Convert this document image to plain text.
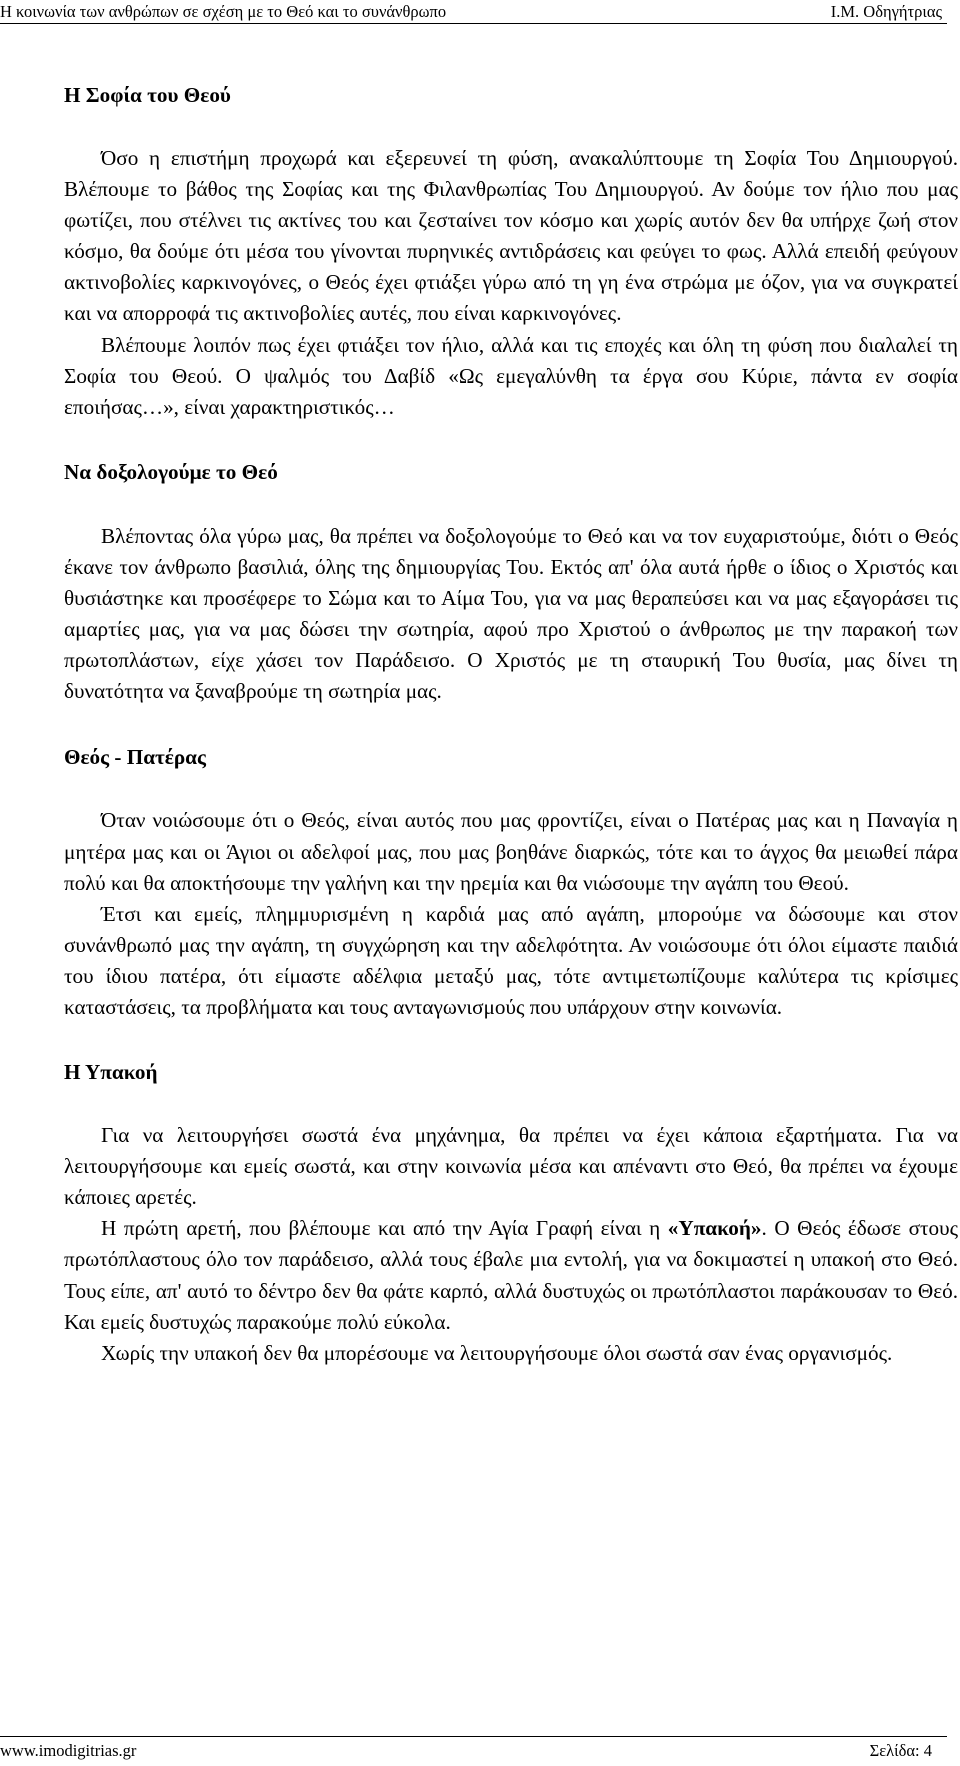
Η κοινωνία των ανθρώπων σε σχέση με το Θεό και το συνάνθρωπο	Ι.Μ. Οδηγήτριας
Η Σοφία του Θεού

Όσο η επιστήμη προχωρά και εξερευνεί τη φύση, ανακαλύπτουμε τη Σοφία Του Δημιουργού. Βλέπουμε το βάθος της Σοφίας και της Φιλανθρωπίας Του Δημιουργού. Αν δούμε τον ήλιο που μας φωτίζει, που στέλνει τις ακτίνες του και ζεσταίνει τον κόσμο και χωρίς αυτόν δεν θα υπήρχε ζωή στον κόσμο, θα δούμε ότι μέσα του γίνονται πυρηνικές αντιδράσεις και φεύγει το φως. Αλλά επειδή φεύγουν ακτινοβολίες καρκινογόνες, ο Θεός έχει φτιάξει γύρω από τη γη ένα στρώμα με όζον, για να συγκρατεί και να απορροφά τις ακτινοβολίες αυτές, που είναι καρκινογόνες.

Βλέπουμε λοιπόν πως έχει φτιάξει τον ήλιο, αλλά και τις εποχές και όλη τη φύση που διαλαλεί τη Σοφία του Θεού. Ο ψαλμός του Δαβίδ «Ως εμεγαλύνθη τα έργα σου Κύριε, πάντα εν σοφία εποιήσας…», είναι χαρακτηριστικός…

Να δοξολογούμε το Θεό

Βλέποντας όλα γύρω μας, θα πρέπει να δοξολογούμε το Θεό και να τον ευχαριστούμε, διότι ο Θεός έκανε τον άνθρωπο βασιλιά, όλης της δημιουργίας Του. Εκτός απ' όλα αυτά ήρθε ο ίδιος ο Χριστός και θυσιάστηκε και προσέφερε το Σώμα και το Αίμα Του, για να μας θεραπεύσει και να μας εξαγοράσει τις αμαρτίες μας, για να μας δώσει την σωτηρία, αφού προ Χριστού ο άνθρωπος με την παρακοή των πρωτοπλάστων, είχε χάσει τον Παράδεισο. Ο Χριστός με τη σταυρική Του θυσία, μας δίνει τη δυνατότητα να ξαναβρούμε τη σωτηρία μας.

Θεός - Πατέρας

Όταν νοιώσουμε ότι ο Θεός, είναι αυτός που μας φροντίζει, είναι ο Πατέρας μας και η Παναγία η μητέρα μας και οι Άγιοι οι αδελφοί μας, που μας βοηθάνε διαρκώς, τότε και το άγχος θα μειωθεί πάρα πολύ και θα αποκτήσουμε την γαλήνη και την ηρεμία και θα νιώσουμε την αγάπη του Θεού.

Έτσι και εμείς, πλημμυρισμένη η καρδιά μας από αγάπη, μπορούμε να δώσουμε και στον συνάνθρωπό μας την αγάπη, τη συγχώρηση και την αδελφότητα. Αν νοιώσουμε ότι όλοι είμαστε παιδιά του ίδιου πατέρα, ότι είμαστε αδέλφια μεταξύ μας, τότε αντιμετωπίζουμε καλύτερα τις κρίσιμες καταστάσεις, τα προβλήματα και τους ανταγωνισμούς που υπάρχουν στην κοινωνία.

Η Υπακοή

Για να λειτουργήσει σωστά ένα μηχάνημα, θα πρέπει να έχει κάποια εξαρτήματα. Για να λειτουργήσουμε και εμείς σωστά, και στην κοινωνία μέσα και απέναντι στο Θεό, θα πρέπει να έχουμε κάποιες αρετές.

Η πρώτη αρετή, που βλέπουμε και από την Αγία Γραφή είναι η «Υπακοή». Ο Θεός έδωσε στους πρωτόπλαστους όλο τον παράδεισο, αλλά τους έβαλε μια εντολή, για να δοκιμαστεί η υπακοή στο Θεό. Τους είπε, απ' αυτό το δέντρο δεν θα φάτε καρπό, αλλά δυστυχώς οι πρωτόπλαστοι παράκουσαν το Θεό. Και εμείς δυστυχώς παρακούμε πολύ εύκολα.

Χωρίς την υπακοή δεν θα μπορέσουμε να λειτουργήσουμε όλοι σωστά σαν ένας οργανισμός.

www.imodigitrias.gr	Σελίδα: 4
